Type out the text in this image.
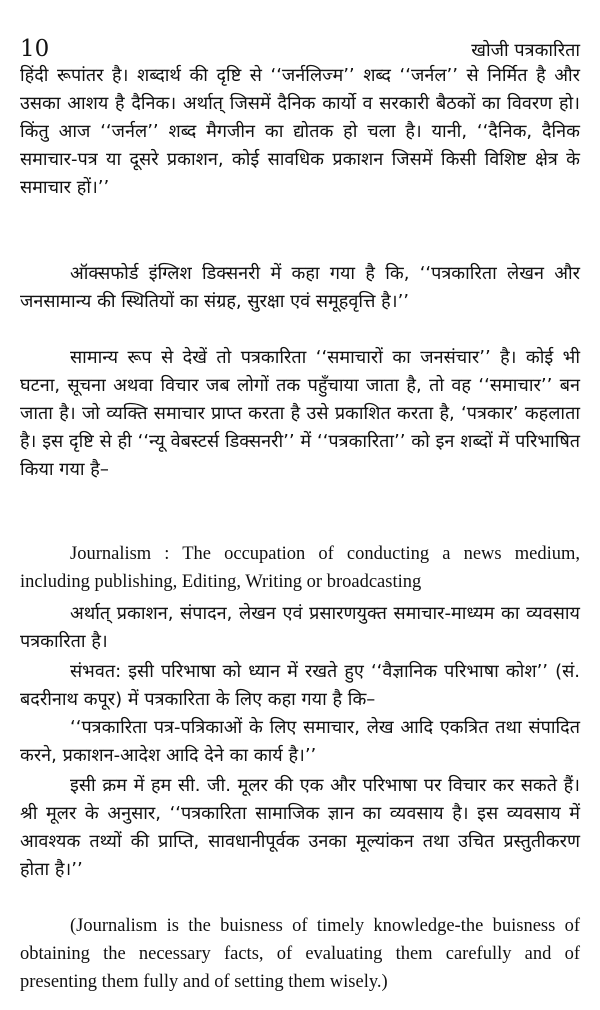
10	खोजी पत्रकारिता

हिंदी रूपांतर है। शब्दार्थ की दृष्टि से ‘‘जर्नलिज्म’’ शब्द ‘‘जर्नल’’ से निर्मित है और उसका आशय है दैनिक। अर्थात् जिसमें दैनिक कार्यो व सरकारी बैठकों का विवरण हो। किंतु आज ‘‘जर्नल’’ शब्द मैगजीन का द्योतक हो चला है। यानी, ‘‘दैनिक, दैनिक समाचार-पत्र या दूसरे प्रकाशन, कोई सावधिक प्रकाशन जिसमें किसी विशिष्ट क्षेत्र के समाचार हों।’’

ऑक्सफोर्ड इंग्लिश डिक्सनरी में कहा गया है कि, ‘‘पत्रकारिता लेखन और जनसामान्य की स्थितियों का संग्रह, सुरक्षा एवं समूहवृत्ति है।’’

सामान्य रूप से देखें तो पत्रकारिता ‘‘समाचारों का जनसंचार’’ है। कोई भी घटना, सूचना अथवा विचार जब लोगों तक पहुँचाया जाता है, तो वह ‘‘समाचार’’ बन जाता है। जो व्यक्ति समाचार प्राप्त करता है उसे प्रकाशित करता है, ‘पत्रकार’ कहलाता है। इस दृष्टि से ही ‘‘न्यू वेबस्टर्स डिक्सनरी’’ में ‘‘पत्रकारिता’’ को इन शब्दों में परिभाषित किया गया है–

Journalism : The occupation of conducting a news medium, including publishing, Editing, Writing or broadcasting

अर्थात् प्रकाशन, संपादन, लेखन एवं प्रसारणयुक्त समाचार-माध्यम का व्यवसाय पत्रकारिता है।

संभवत: इसी परिभाषा को ध्यान में रखते हुए ‘‘वैज्ञानिक परिभाषा कोश’’ (सं. बदरीनाथ कपूर) में पत्रकारिता के लिए कहा गया है कि–

‘‘पत्रकारिता पत्र-पत्रिकाओं के लिए समाचार, लेख आदि एकत्रित तथा संपादित करने, प्रकाशन-आदेश आदि देने का कार्य है।’’

इसी क्रम में हम सी. जी. मूलर की एक और परिभाषा पर विचार कर सकते हैं। श्री मूलर के अनुसार, ‘‘पत्रकारिता सामाजिक ज्ञान का व्यवसाय है। इस व्यवसाय में आवश्यक तथ्यों की प्राप्ति, सावधानीपूर्वक उनका मूल्यांकन तथा उचित प्रस्तुतीकरण होता है।’’

(Journalism is the buisness of timely knowledge-the buisness of obtaining the necessary facts, of evaluating them carefully and of presenting them fully and of setting them wisely.)
